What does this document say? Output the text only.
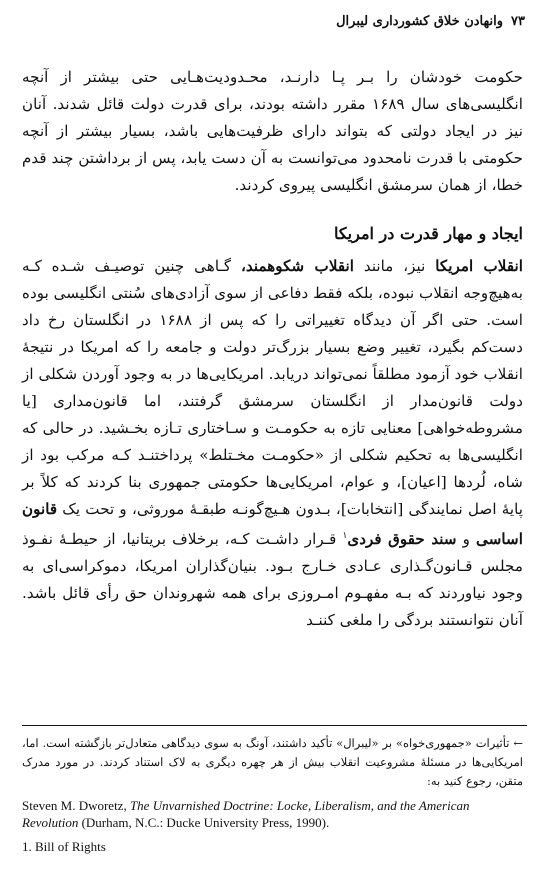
۷۳
وانهادن خلاق کشورداری لیبرال

حکومت خودشان را بـر پـا دارنـد، محـدودیت‌هـایی حتی بیشتر از آنچه انگلیسی‌های سال ۱۶۸۹ مقرر داشته بودند، برای قدرت دولت قائل شدند. آنان نیز در ایجاد دولتی که بتواند دارای ظرفیت‌هایی باشد، بسیار بیشتر از آنچه حکومتی با قدرت نامحدود می‌توانست به آن دست یابد، پس از برداشتن چند قدم خطا، از همان سرمشق انگلیسی پیروی کردند.

ایجاد و مهار قدرت در امریکا

انقلاب امریکا نیز، مانند انقلاب شکوهمند، گـاهی چنین توصیـف شـده کـه به‌هیچ‌وجه انقلاب نبوده، بلکه فقط دفاعی از سوی آزادی‌های سُنتی انگلیسی بوده است. حتی اگر آن دیدگاه تغییراتی را که پس از ۱۶۸۸ در انگلستان رخ داد دست‌کم بگیرد، تغییر وضع بسیار بزرگ‌تر دولت و جامعه را که امریکا در نتیجهٔ انقلاب خود آزمود مطلقاً نمی‌تواند دریابد. امریکایی‌ها در به وجود آوردن شکلی از دولت قانون‌مدار از انگلستان سرمشق گرفتند، اما قانون‌مداری [یا مشروطه‌خواهی] معنایی تازه به حکومـت و سـاختاری تـازه بخـشید. در حالی که انگلیسی‌ها به تحکیم شکلی از «حکومـت مخـتلط» پرداختنـد کـه مرکب بود از شاه، لُردها [اعیان]، و عوام، امریکایی‌ها حکومتی جمهوری بنا کردند که کلاً بر پایهٔ اصل نمایندگی [انتخابات]، بـدون هـیچ‌گونـه طبقـهٔ موروثی، و تحت یک قانون اساسی و سند حقوق فردی$^۱$ قـرار داشـت کـه، برخلاف بریتانیا، از حیطـهٔ نفـوذ مجلس قـانون‌گـذاری عـادی خـارج بـود. بنیان‌گذاران امریکا، دموکراسی‌ای به وجود نیاوردند که بـه مفهـوم امـروزی برای همه شهروندان حق رأی قائل باشد. آنان نتوانستند بردگی را ملغی کننـد

← تأثیرات «جمهوری‌خواه» بر «لیبرال» تأکید داشتند، آونگ به سوی دیدگاهی متعادل‌تر بازگشته است. اما، امریکایی‌ها در مسئلهٔ مشروعیت انقلاب بیش از هر چهره دیگری به لاک استناد کردند. در مورد مدرک متقن، رجوع کنید به:
Steven M. Dworetz, The Unvarnished Doctrine: Locke, Liberalism, and the American Revolution (Durham, N.C.: Ducke University Press, 1990).
1. Bill of Rights
